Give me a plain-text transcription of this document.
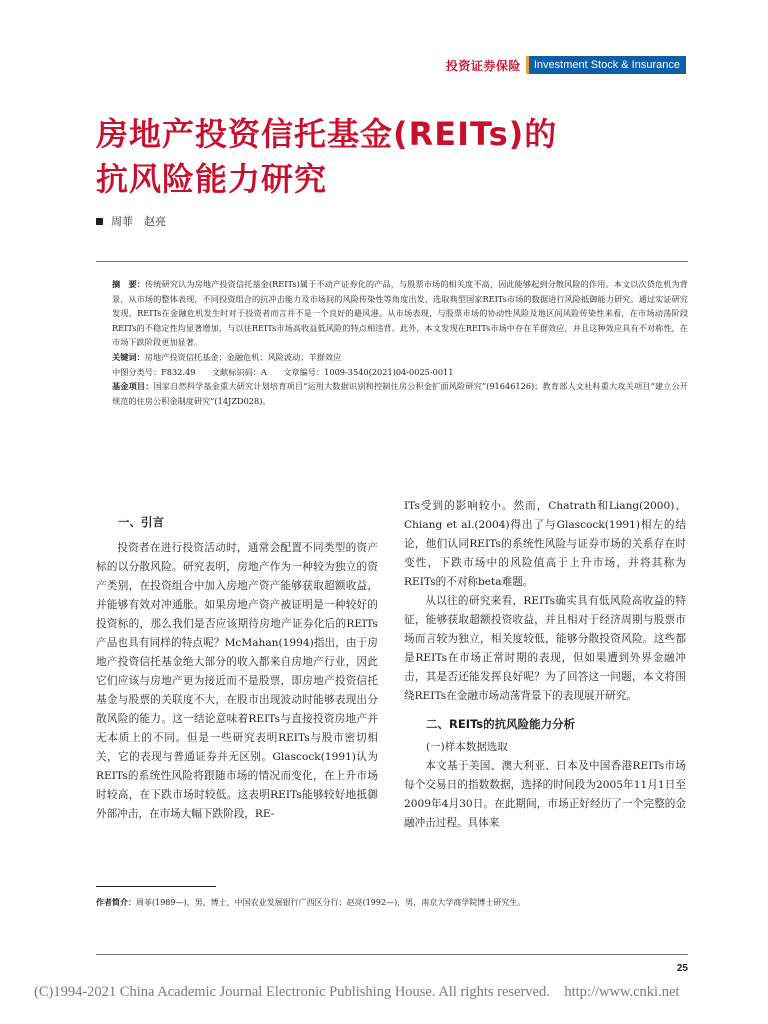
投资证券保险	Investment Stock & Insurance
房地产投资信托基金(REITs)的
抗风险能力研究
周菲　赵亮

摘　要：传统研究认为房地产投资信托基金(REITs)属于不动产证券化的产品，与股票市场的相关度不高，因此能够起到分散风险的作用。本文以次贷危机为背景，从市场的整体表现，不同投资组合的抗冲击能力及市场间的风险传染性等角度出发，选取典型国家REITs市场的数据进行风险抵御能力研究。通过实证研究发现，REITs在金融危机发生时对于投资者而言并不是一个良好的避风港。从市场表现，与股票市场的协动性风险及地区间风险传染性来看，在市场动荡阶段REITs的不稳定性均显著增加，与以往REITs市场高收益低风险的特点相违背。此外，本文发现在REITs市场中存在羊群效应，并且这种效应具有不对称性，在市场下跌阶段更加显著。

关键词：房地产投资信托基金；金融危机；风险波动；羊群效应

中图分类号：F832.49　　文献标识码：A　　文章编号：1009-3540(2021)04-0025-0011

基金项目：国家自然科学基金重大研究计划培育项目“运用大数据识别和控制住房公积金扩面风险研究”(91646126)；教育部人文社科重大攻关项目“建立公开规范的住房公积金制度研究”(14JZD028)。

一、引言

投资者在进行投资活动时，通常会配置不同类型的资产标的以分散风险。研究表明，房地产作为一种较为独立的资产类别，在投资组合中加入房地产资产能够获取超额收益，并能够有效对冲通胀。如果房地产资产被证明是一种较好的投资标的，那么我们是否应该期待房地产证券化后的REITs产品也具有同样的特点呢？McMahan(1994)指出，由于房地产投资信托基金绝大部分的收入都来自房地产行业，因此它们应该与房地产更为接近而不是股票，即房地产投资信托基金与股票的关联度不大，在股市出现波动时能够表现出分散风险的能力。这一结论意味着REITs与直接投资房地产并无本质上的不同。但是一些研究表明REITs与股市密切相关，它的表现与普通证券并无区别。Glascock(1991)认为REITs的系统性风险将跟随市场的情况而变化，在上升市场时较高，在下跌市场时较低。这表明REITs能够较好地抵御外部冲击，在市场大幅下跌阶段，RE-

ITs受到的影响较小。然而，Chatrath和Liang(2000)、Chiang et al.(2004)得出了与Glascock(1991)相左的结论，他们认同REITs的系统性风险与证券市场的关系存在时变性，下跌市场中的风险值高于上升市场，并将其称为REITs的不对称beta难题。

从以往的研究来看，REITs确实具有低风险高收益的特征，能够获取超额投资收益，并且相对于经济周期与股票市场而言较为独立，相关度较低，能够分散投资风险。这些都是REITs在市场正常时期的表现，但如果遭到外界金融冲击，其是否还能发挥良好呢？为了回答这一问题，本文将围绕REITs在金融市场动荡背景下的表现展开研究。

二、REITs的抗风险能力分析
(一)样本数据选取

本文基于美国、澳大利亚、日本及中国香港REITs市场每个交易日的指数数据，选择的时间段为2005年11月1日至2009年4月30日。在此期间，市场正好经历了一个完整的金融冲击过程。具体来

作者简介：周菲(1989—)，男，博士，中国农业发展银行广西区分行；赵亮(1992—)，男，南京大学商学院博士研究生。
25
(C)1994-2021 China Academic Journal Electronic Publishing House. All rights reserved.　http://www.cnki.net
